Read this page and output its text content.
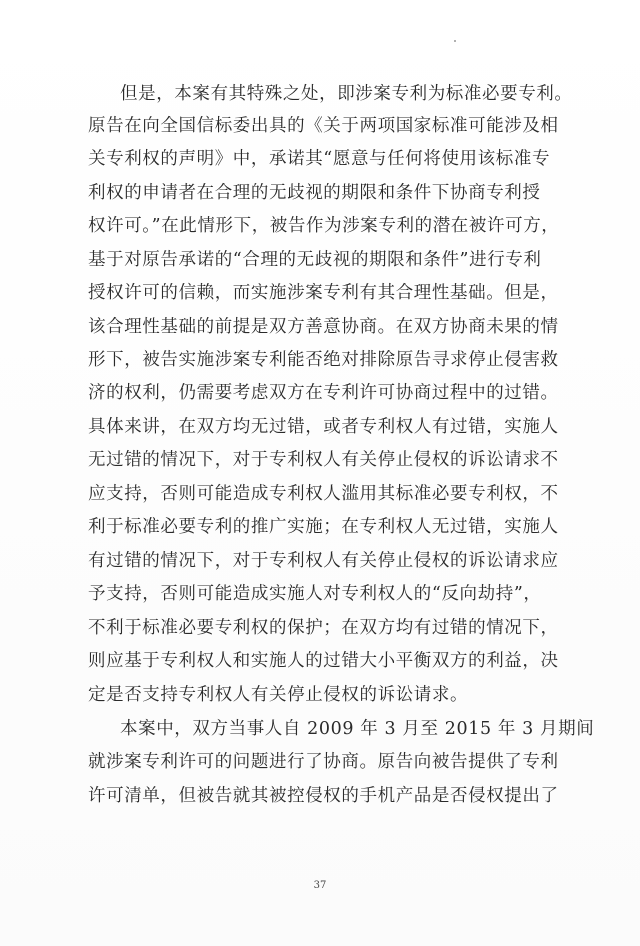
但是，本案有其特殊之处，即涉案专利为标准必要专利。
原告在向全国信标委出具的《关于两项国家标准可能涉及相
关专利权的声明》中，承诺其“愿意与任何将使用该标准专
利权的申请者在合理的无歧视的期限和条件下协商专利授
权许可。”在此情形下，被告作为涉案专利的潜在被许可方，
基于对原告承诺的“合理的无歧视的期限和条件”进行专利
授权许可的信赖，而实施涉案专利有其合理性基础。但是，
该合理性基础的前提是双方善意协商。在双方协商未果的情
形下，被告实施涉案专利能否绝对排除原告寻求停止侵害救
济的权利，仍需要考虑双方在专利许可协商过程中的过错。
具体来讲，在双方均无过错，或者专利权人有过错，实施人
无过错的情况下，对于专利权人有关停止侵权的诉讼请求不
应支持，否则可能造成专利权人滥用其标准必要专利权，不
利于标准必要专利的推广实施；在专利权人无过错，实施人
有过错的情况下，对于专利权人有关停止侵权的诉讼请求应
予支持，否则可能造成实施人对专利权人的“反向劫持”，
不利于标准必要专利权的保护；在双方均有过错的情况下，
则应基于专利权人和实施人的过错大小平衡双方的利益，决
定是否支持专利权人有关停止侵权的诉讼请求。
本案中，双方当事人自 2009 年 3 月至 2015 年 3 月期间
就涉案专利许可的问题进行了协商。原告向被告提供了专利
许可清单，但被告就其被控侵权的手机产品是否侵权提出了
37
